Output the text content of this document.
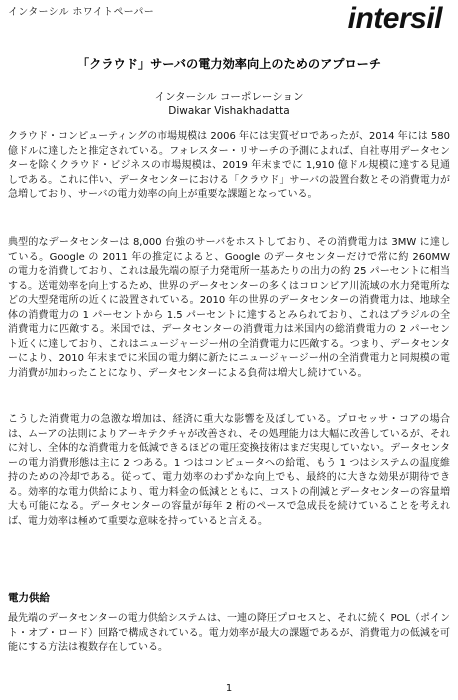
インターシル ホワイトペーパー	intersil
「クラウド」サーバの電力効率向上のためのアプローチ
インターシル コーポレーション
Diwakar Vishakhadatta

クラウド・コンピューティングの市場規模は 2006 年には実質ゼロであったが、2014 年には 580 億ドルに達したと推定されている。フォレスター・リサーチの予測によれば、自社専用データセンターを除くクラウド・ビジネスの市場規模は、2019 年末までに 1,910 億ドル規模に達する見通しである。これに伴い、データセンターにおける「クラウド」サーバの設置台数とその消費電力が急増しており、サーバの電力効率の向上が重要な課題となっている。

典型的なデータセンターは 8,000 台強のサーバをホストしており、その消費電力は 3MW に達している。Google の 2011 年の推定によると、Google のデータセンターだけで常に約 260MW の電力を消費しており、これは最先端の原子力発電所一基あたりの出力の約 25 パーセントに相当する。送電効率を向上するため、世界のデータセンターの多くはコロンビア川流域の水力発電所などの大型発電所の近くに設置されている。2010 年の世界のデータセンターの消費電力は、地球全体の消費電力の 1 パーセントから 1.5 パーセントに達するとみられており、これはブラジルの全消費電力に匹敵する。米国では、データセンターの消費電力は米国内の総消費電力の 2 パーセント近くに達しており、これはニュージャージー州の全消費電力に匹敵する。つまり、データセンターにより、2010 年末までに米国の電力網に新たにニュージャージー州の全消費電力と同規模の電力消費が加わったことになり、データセンターによる負荷は増大し続けている。

こうした消費電力の急激な増加は、経済に重大な影響を及ぼしている。プロセッサ・コアの場合は、ムーアの法則によりアーキテクチャが改善され、その処理能力は大幅に改善しているが、それに対し、全体的な消費電力を低減できるほどの電圧変換技術はまだ実現していない。データセンターの電力消費形態は主に 2 つある。1 つはコンピュータへの給電、もう 1 つはシステムの温度維持のための冷却である。従って、電力効率のわずかな向上でも、最終的に大きな効果が期待できる。効率的な電力供給により、電力料金の低減とともに、コストの削減とデータセンターの容量増大も可能になる。データセンターの容量が毎年 2 桁のペースで急成長を続けていることを考えれば、電力効率は極めて重要な意味を持っていると言える。

電力供給

最先端のデータセンターの電力供給システムは、一連の降圧プロセスと、それに続く POL（ポイント・オブ・ロード）回路で構成されている。電力効率が最大の課題であるが、消費電力の低減を可能にする方法は複数存在している。

1
